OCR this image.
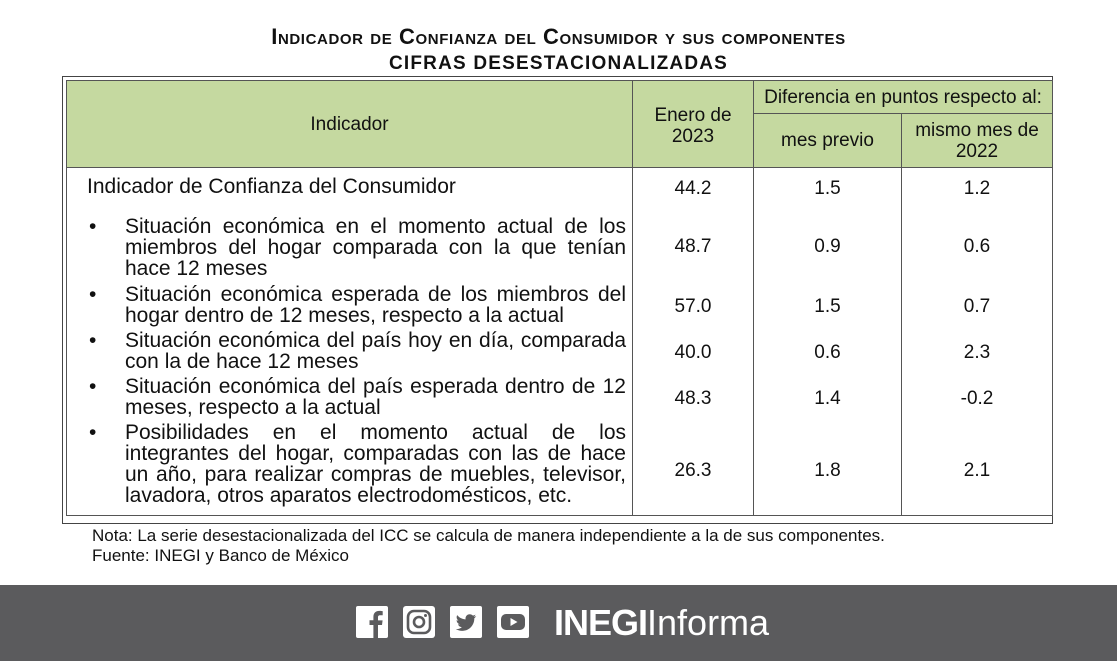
Indicador de Confianza del Consumidor y sus componentes
CIFRAS DESESTACIONALIZADAS
Indicador	Enero de 2023	Diferencia en puntos respecto al:	
		mes previo	mismo mes de 2022
Indicador de Confianza del Consumidor	44.2	1.5	1.2

• Situación económica en el momento actual de los miembros del hogar comparada con la que tenían hace 12 meses	48.7	0.9	0.6

• Situación económica esperada de los miembros del hogar dentro de 12 meses, respecto a la actual	57.0	1.5	0.7

• Situación económica del país hoy en día, comparada con la de hace 12 meses	40.0	0.6	2.3

• Situación económica del país esperada dentro de 12 meses, respecto a la actual	48.3	1.4	-0.2

• Posibilidades en el momento actual de los integrantes del hogar, comparadas con las de hace un año, para realizar compras de muebles, televisor, lavadora, otros aparatos electrodomésticos, etc.	26.3	1.8	2.1
Nota: La serie desestacionalizada del ICC se calcula de manera independiente a la de sus componentes.
Fuente: INEGI y Banco de México
INEGIInforma
